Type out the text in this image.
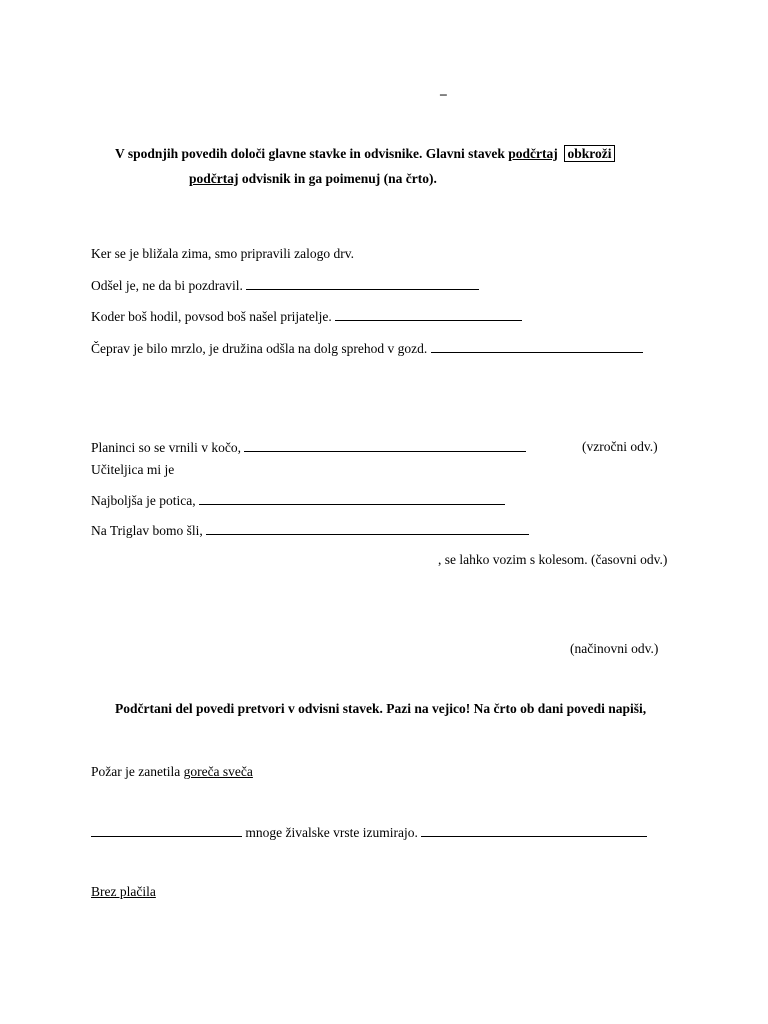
–
V spodnjih povedih določi glavne stavke in odvisnike. Glavni stavek podčrtaj obkroži
podčrtaj odvisnik in ga poimenuj (na črto).
Ker se je bližala zima, smo pripravili zalogo drv.
Odšel je, ne da bi pozdravil.
Koder boš hodil, povsod boš našel prijatelje.
Čeprav je bilo mrzlo, je družina odšla na dolg sprehod v gozd.
Planinci so se vrnili v kočo,	(vzročni odv.)
Učiteljica mi je
Najboljša je potica,
Na Triglav bomo šli,
, se lahko vozim s kolesom. (časovni odv.)
(načinovni odv.)
Podčrtani del povedi pretvori v odvisni stavek. Pazi na vejico! Na črto ob dani povedi napiši,
Požar je zanetila goreča sveča
mnoge živalske vrste izumirajo.
Brez plačila
